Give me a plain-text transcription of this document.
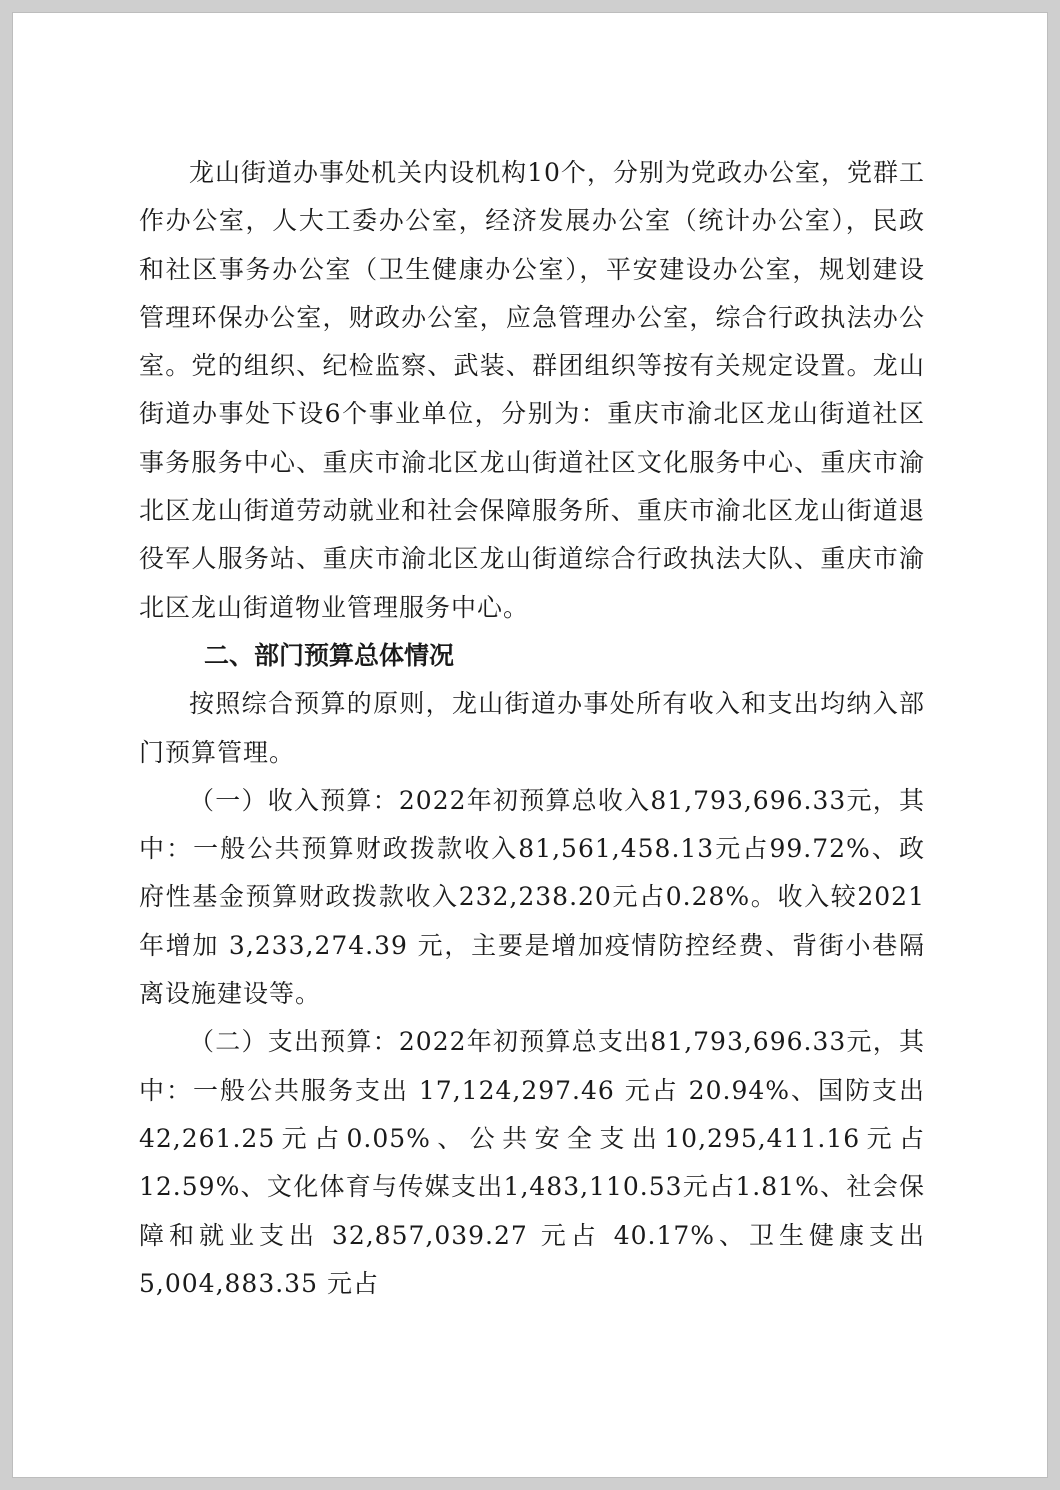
龙山街道办事处机关内设机构10个，分别为党政办公室，党群工作办公室，人大工委办公室，经济发展办公室（统计办公室），民政和社区事务办公室（卫生健康办公室），平安建设办公室，规划建设管理环保办公室，财政办公室，应急管理办公室，综合行政执法办公室。党的组织、纪检监察、武装、群团组织等按有关规定设置。龙山街道办事处下设6个事业单位，分别为：重庆市渝北区龙山街道社区事务服务中心、重庆市渝北区龙山街道社区文化服务中心、重庆市渝北区龙山街道劳动就业和社会保障服务所、重庆市渝北区龙山街道退役军人服务站、重庆市渝北区龙山街道综合行政执法大队、重庆市渝北区龙山街道物业管理服务中心。

二、部门预算总体情况

按照综合预算的原则，龙山街道办事处所有收入和支出均纳入部门预算管理。

（一）收入预算：2022年初预算总收入81,793,696.33元，其中：一般公共预算财政拨款收入81,561,458.13元占99.72%、政府性基金预算财政拨款收入232,238.20元占0.28%。收入较2021年增加 3,233,274.39 元，主要是增加疫情防控经费、背街小巷隔离设施建设等。

（二）支出预算：2022年初预算总支出81,793,696.33元，其中：一般公共服务支出 17,124,297.46 元占 20.94%、国防支出42,261.25元占0.05%、公共安全支出10,295,411.16元占12.59%、文化体育与传媒支出1,483,110.53元占1.81%、社会保障和就业支出 32,857,039.27 元占 40.17%、卫生健康支出 5,004,883.35 元占
